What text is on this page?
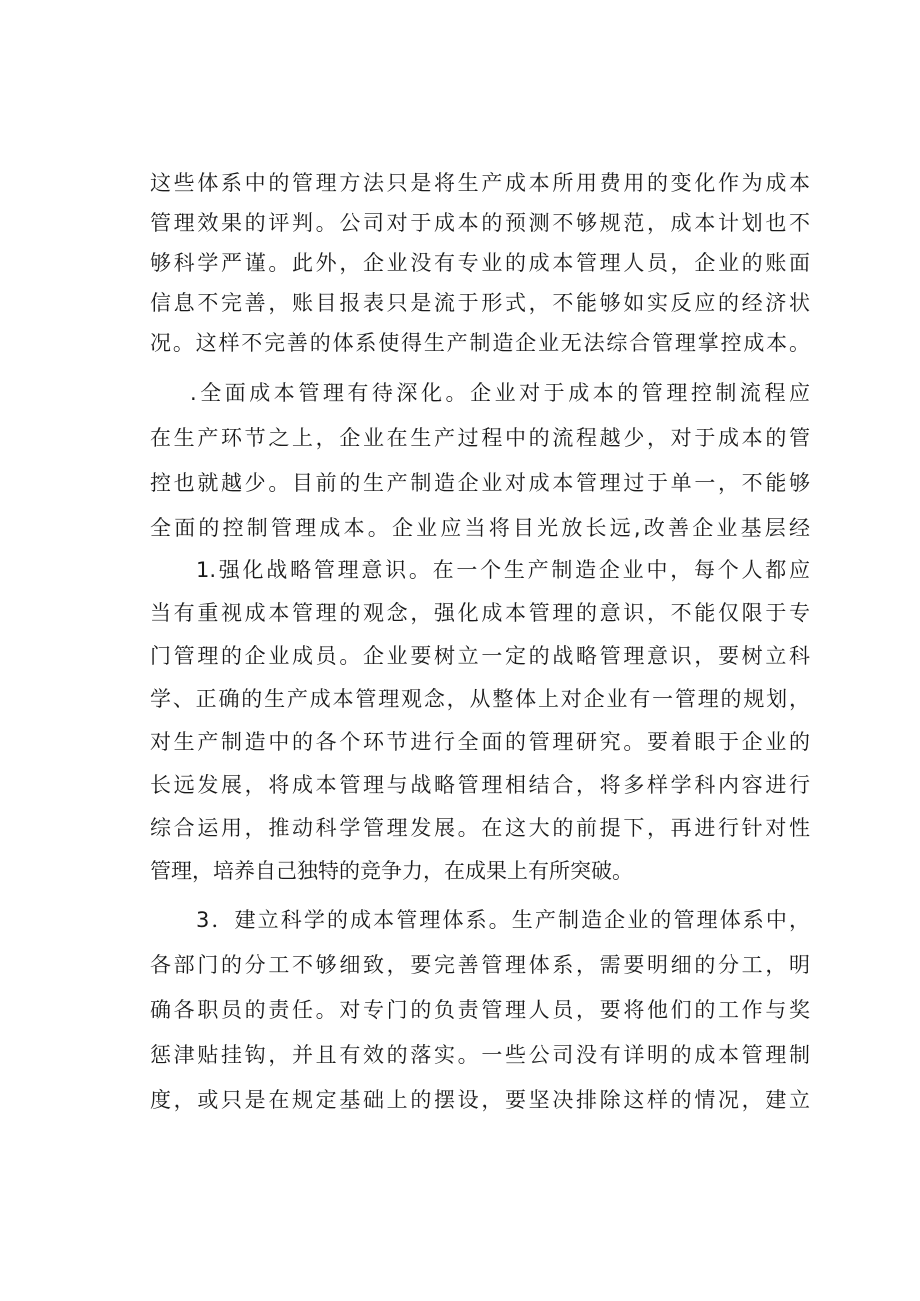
这些体系中的管理方法只是将生产成本所用费用的变化作为成本
管理效果的评判。公司对于成本的预测不够规范，成本计划也不
够科学严谨。此外，企业没有专业的成本管理人员，企业的账面
信息不完善，账目报表只是流于形式，不能够如实反应的经济状
况。这样不完善的体系使得生产制造企业无法综合管理掌控成本。
.全面成本管理有待深化。企业对于成本的管理控制流程应
在生产环节之上，企业在生产过程中的流程越少，对于成本的管
控也就越少。目前的生产制造企业对成本管理过于单一，不能够
全面的控制管理成本。企业应当将目光放长远,改善企业基层经
1.强化战略管理意识。在一个生产制造企业中，每个人都应
当有重视成本管理的观念，强化成本管理的意识，不能仅限于专
门管理的企业成员。企业要树立一定的战略管理意识，要树立科
学、正确的生产成本管理观念，从整体上对企业有一管理的规划，
对生产制造中的各个环节进行全面的管理研究。要着眼于企业的
长远发展，将成本管理与战略管理相结合，将多样学科内容进行
综合运用，推动科学管理发展。在这大的前提下，再进行针对性
管理，培养自己独特的竞争力，在成果上有所突破。
3．建立科学的成本管理体系。生产制造企业的管理体系中，
各部门的分工不够细致，要完善管理体系，需要明细的分工，明
确各职员的责任。对专门的负责管理人员，要将他们的工作与奖
惩津贴挂钩，并且有效的落实。一些公司没有详明的成本管理制
度，或只是在规定基础上的摆设，要坚决排除这样的情况，建立
